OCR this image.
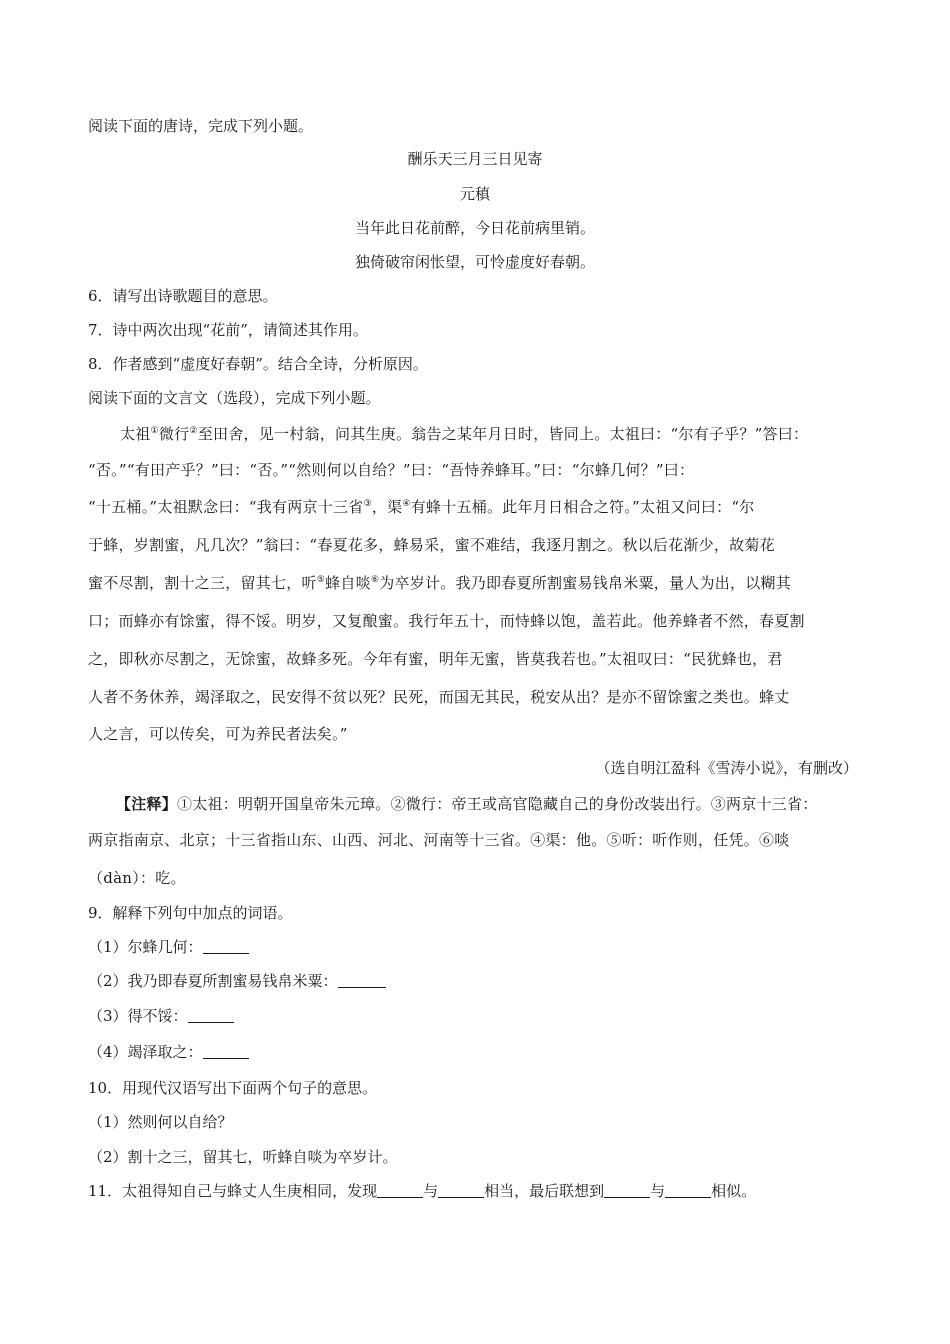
阅读下面的唐诗，完成下列小题。
酬乐天三月三日见寄
元稹
当年此日花前醉，今日花前病里销。
独倚破帘闲怅望，可怜虚度好春朝。
6．请写出诗歌题目的意思。
7．诗中两次出现“花前”，请简述其作用。
8．作者感到“虚度好春朝”。结合全诗，分析原因。
阅读下面的文言文（选段），完成下列小题。
太祖①微行②至田舍，见一村翁，问其生庚。翁告之某年月日时，皆同上。太祖曰：“尔有子乎？”答曰：
“否。”“有田产乎？”曰：“否。”“然则何以自给？”曰：“吾恃养蜂耳。”曰：“尔蜂几何？”曰：
“十五桶。”太祖默念曰：“我有两京十三省③，渠④有蜂十五桶。此年月日相合之符。”太祖又问曰：“尔
于蜂，岁割蜜，凡几次？”翁曰：“春夏花多，蜂易采，蜜不难结，我逐月割之。秋以后花渐少，故菊花
蜜不尽割，割十之三，留其七，听⑤蜂自啖⑥为卒岁计。我乃即春夏所割蜜易钱帛米粟，量人为出，以糊其
口；而蜂亦有馀蜜，得不馁。明岁，又复酿蜜。我行年五十，而恃蜂以饱，盖若此。他养蜂者不然，春夏割
之，即秋亦尽割之，无馀蜜，故蜂多死。今年有蜜，明年无蜜，皆莫我若也。”太祖叹曰：“民犹蜂也，君
人者不务休养，竭泽取之，民安得不贫以死？民死，而国无其民，税安从出？是亦不留馀蜜之类也。蜂丈
人之言，可以传矣，可为养民者法矣。”
（选自明江盈科《雪涛小说》，有删改）
【注释】①太祖：明朝开国皇帝朱元璋。②微行：帝王或高官隐藏自己的身份改装出行。③两京十三省：
两京指南京、北京；十三省指山东、山西、河北、河南等十三省。④渠：他。⑤听：听作则，任凭。⑥啖
（dàn）：吃。
9．解释下列句中加点的词语。
（1）尔蜂几何：
（2）我乃即春夏所割蜜易钱帛米粟：
（3）得不馁：
（4）竭泽取之：
10．用现代汉语写出下面两个句子的意思。
（1）然则何以自给？
（2）割十之三，留其七，听蜂自啖为卒岁计。
11．太祖得知自己与蜂丈人生庚相同，发现	与	相当，最后联想到	与	相似。
